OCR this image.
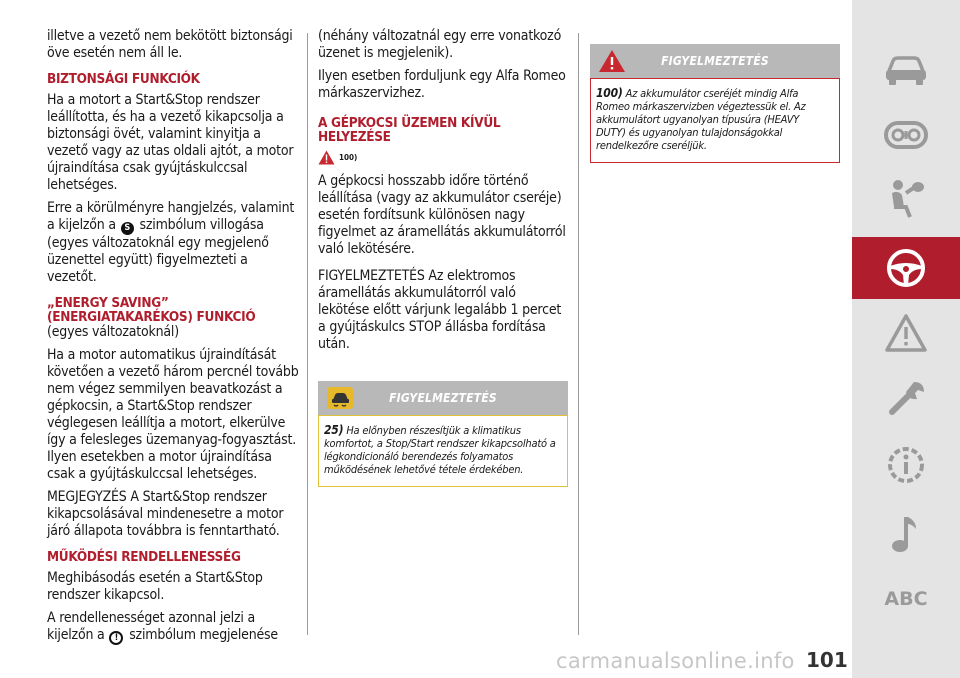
illetve a vezető nem bekötött biztonsági öve esetén nem áll le.

BIZTONSÁGI FUNKCIÓK

Ha a motort a Start&Stop rendszer leállította, és ha a vezető kikapcsolja a biztonsági övét, valamint kinyitja a vezető vagy az utas oldali ajtót, a motor újraindítása csak gyújtáskulccsal lehetséges.

Erre a körülményre hangjelzés, valamint a kijelzőn a S szimbólum villogása (egyes változatoknál egy megjelenő üzenettel együtt) figyelmezteti a vezetőt.

„ENERGY SAVING”
(ENERGIATAKARÉKOS) FUNKCIÓ

(egyes változatoknál)

Ha a motor automatikus újraindítását követően a vezető három percnél tovább nem végez semmilyen beavatkozást a gépkocsin, a Start&Stop rendszer véglegesen leállítja a motort, elkerülve így a felesleges üzemanyag-fogyasztást. Ilyen esetekben a motor újraindítása csak a gyújtáskulccsal lehetséges.

MEGJEGYZÉS A Start&Stop rendszer kikapcsolásával mindenesetre a motor járó állapota továbbra is fenntartható.

MŰKÖDÉSI RENDELLENESSÉG

Meghibásodás esetén a Start&Stop rendszer kikapcsol.

A rendellenességet azonnal jelzi a kijelzőn a ! szimbólum megjelenése

(néhány változatnál egy erre vonatkozó üzenet is megjelenik).

Ilyen esetben forduljunk egy Alfa Romeo márkaszervizhez.

A GÉPKOCSI ÜZEMEN KÍVÜL HELYEZÉSE
100)

A gépkocsi hosszabb időre történő leállítása (vagy az akkumulátor cseréje) esetén fordítsunk különösen nagy figyelmet az áramellátás akkumulátorról való lekötésére.

FIGYELMEZTETÉS Az elektromos áramellátás akkumulátorról való lekötése előtt várjunk legalább 1 percet a gyújtáskulcs STOP állásba fordítása után.

FIGYELMEZTETÉS

25) Ha előnyben részesítjük a klimatikus komfortot, a Stop/Start rendszer kikapcsolható a légkondicionáló berendezés folyamatos működésének lehetővé tétele érdekében.

FIGYELMEZTETÉS

100) Az akkumulátor cseréjét mindig Alfa Romeo márkaszervizben végeztessük el. Az akkumulátort ugyanolyan típusúra (HEAVY DUTY) és ugyanolyan tulajdonságokkal rendelkezőre cseréljük.

ABC
carmanualsonline.info 101
